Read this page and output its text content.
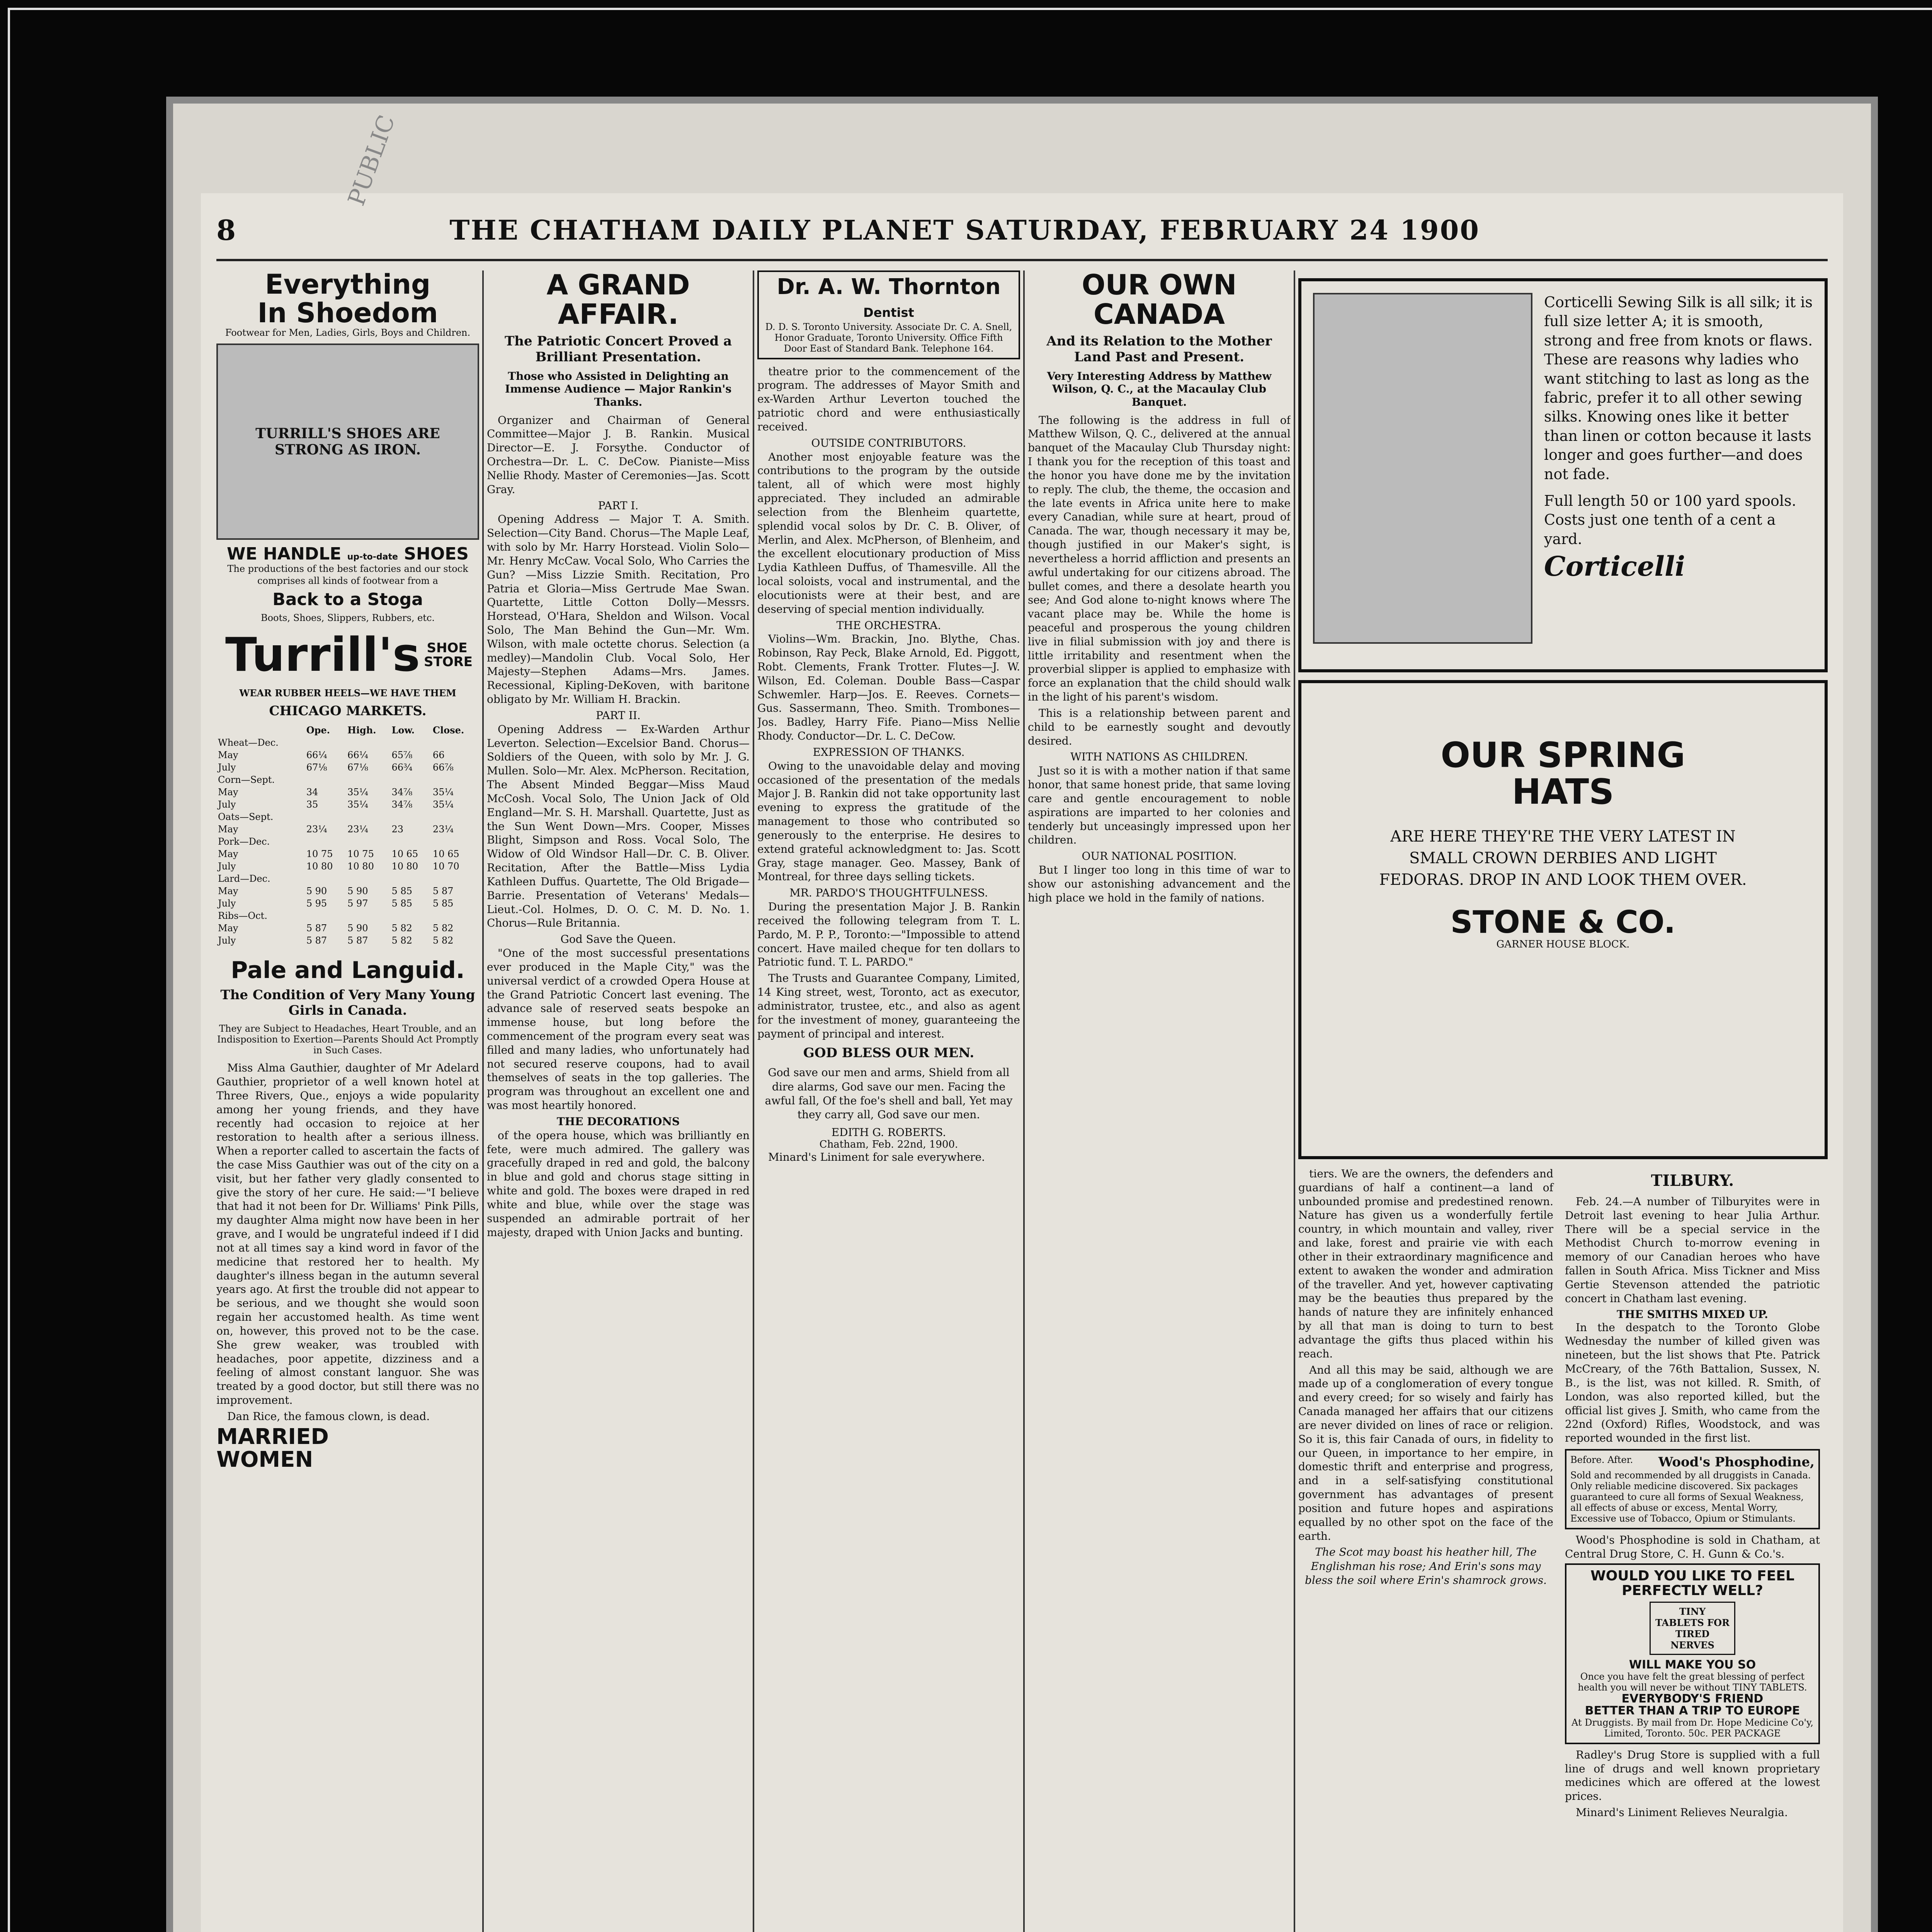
PUBLIC
8	THE CHATHAM DAILY PLANET SATURDAY, FEBRUARY 24 1900
Everything
In Shoedom
Footwear for Men, Ladies, Girls, Boys and Children.
TURRILL'S SHOES ARE STRONG AS IRON.
WE HANDLE up-to-date SHOES
The productions of the best factories and our stock comprises all kinds of footwear from a
Back to a Stoga
Boots, Shoes, Slippers, Rubbers, etc.
Turrill's SHOE STORE
WEAR RUBBER HEELS—WE HAVE THEM
CHICAGO MARKETS.
	Ope.	High.	Low.	Close.
Wheat—Dec.				
May	66¼	66¼	65⅞	66
July	67⅛	67⅛	66¾	66⅞
Corn—Sept.				
May	34	35¼	34⅞	35¼
July	35	35¼	34⅞	35¼
Oats—Sept.				
May	23¼	23¼	23	23¼
Pork—Dec.				
May	10 75	10 75	10 65	10 65
July	10 80	10 80	10 80	10 70
Lard—Dec.				
May	5 90	5 90	5 85	5 87
July	5 95	5 97	5 85	5 85
Ribs—Oct.				
May	5 87	5 90	5 82	5 82
July	5 87	5 87	5 82	5 82
Pale and Languid.
The Condition of Very Many Young Girls in Canada.
They are Subject to Headaches, Heart Trouble, and an Indisposition to Exertion—Parents Should Act Promptly in Such Cases.

Miss Alma Gauthier, daughter of Mr Adelard Gauthier, proprietor of a well known hotel at Three Rivers, Que., enjoys a wide popularity among her young friends, and they have recently had occasion to rejoice at her restoration to health after a serious illness. When a reporter called to ascertain the facts of the case Miss Gauthier was out of the city on a visit, but her father very gladly consented to give the story of her cure. He said:—"I believe that had it not been for Dr. Williams' Pink Pills, my daughter Alma might now have been in her grave, and I would be ungrateful indeed if I did not at all times say a kind word in favor of the medicine that restored her to health. My daughter's illness began in the autumn several years ago. At first the trouble did not appear to be serious, and we thought she would soon regain her accustomed health. As time went on, however, this proved not to be the case. She grew weaker, was troubled with headaches, poor appetite, dizziness and a feeling of almost constant languor. She was treated by a good doctor, but still there was no improvement.

Dan Rice, the famous clown, is dead.

MARRIED
WOMEN
A GRAND AFFAIR.
The Patriotic Concert Proved a Brilliant Presentation.
Those who Assisted in Delighting an Immense Audience — Major Rankin's Thanks.

Organizer and Chairman of General Committee—Major J. B. Rankin. Musical Director—E. J. Forsythe. Conductor of Orchestra—Dr. L. C. DeCow. Pianiste—Miss Nellie Rhody. Master of Ceremonies—Jas. Scott Gray.

PART I.

Opening Address — Major T. A. Smith. Selection—City Band. Chorus—The Maple Leaf, with solo by Mr. Harry Horstead. Violin Solo—Mr. Henry McCaw. Vocal Solo, Who Carries the Gun? —Miss Lizzie Smith. Recitation, Pro Patria et Gloria—Miss Gertrude Mae Swan. Quartette, Little Cotton Dolly—Messrs. Horstead, O'Hara, Sheldon and Wilson. Vocal Solo, The Man Behind the Gun—Mr. Wm. Wilson, with male octette chorus. Selection (a medley)—Mandolin Club. Vocal Solo, Her Majesty—Stephen Adams—Mrs. James. Recessional, Kipling-DeKoven, with baritone obligato by Mr. William H. Brackin.

PART II.

Opening Address — Ex-Warden Arthur Leverton. Selection—Excelsior Band. Chorus—Soldiers of the Queen, with solo by Mr. J. G. Mullen. Solo—Mr. Alex. McPherson. Recitation, The Absent Minded Beggar—Miss Maud McCosh. Vocal Solo, The Union Jack of Old England—Mr. S. H. Marshall. Quartette, Just as the Sun Went Down—Mrs. Cooper, Misses Blight, Simpson and Ross. Vocal Solo, The Widow of Old Windsor Hall—Dr. C. B. Oliver. Recitation, After the Battle—Miss Lydia Kathleen Duffus. Quartette, The Old Brigade—Barrie. Presentation of Veterans' Medals—Lieut.-Col. Holmes, D. O. C. M. D. No. 1. Chorus—Rule Britannia.

God Save the Queen.

"One of the most successful presentations ever produced in the Maple City," was the universal verdict of a crowded Opera House at the Grand Patriotic Concert last evening. The advance sale of reserved seats bespoke an immense house, but long before the commencement of the program every seat was filled and many ladies, who unfortunately had not secured reserve coupons, had to avail themselves of seats in the top galleries. The program was throughout an excellent one and was most heartily honored.

THE DECORATIONS

of the opera house, which was brilliantly en fete, were much admired. The gallery was gracefully draped in red and gold, the balcony in blue and gold and chorus stage sitting in white and gold. The boxes were draped in red white and blue, while over the stage was suspended an admirable portrait of her majesty, draped with Union Jacks and bunting.

Dr. A. W. Thornton Dentist
D. D. S. Toronto University. Associate Dr. C. A. Snell, Honor Graduate, Toronto University. Office Fifth Door East of Standard Bank. Telephone 164.

theatre prior to the commencement of the program. The addresses of Mayor Smith and ex-Warden Arthur Leverton touched the patriotic chord and were enthusiastically received.

OUTSIDE CONTRIBUTORS.

Another most enjoyable feature was the contributions to the program by the outside talent, all of which were most highly appreciated. They included an admirable selection from the Blenheim quartette, splendid vocal solos by Dr. C. B. Oliver, of Merlin, and Alex. McPherson, of Blenheim, and the excellent elocutionary production of Miss Lydia Kathleen Duffus, of Thamesville. All the local soloists, vocal and instrumental, and the elocutionists were at their best, and are deserving of special mention individually.

THE ORCHESTRA.

Violins—Wm. Brackin, Jno. Blythe, Chas. Robinson, Ray Peck, Blake Arnold, Ed. Piggott, Robt. Clements, Frank Trotter. Flutes—J. W. Wilson, Ed. Coleman. Double Bass—Caspar Schwemler. Harp—Jos. E. Reeves. Cornets—Gus. Sassermann, Theo. Smith. Trombones—Jos. Badley, Harry Fife. Piano—Miss Nellie Rhody. Conductor—Dr. L. C. DeCow.

EXPRESSION OF THANKS.

Owing to the unavoidable delay and moving occasioned of the presentation of the medals Major J. B. Rankin did not take opportunity last evening to express the gratitude of the management to those who contributed so generously to the enterprise. He desires to extend grateful acknowledgment to: Jas. Scott Gray, stage manager. Geo. Massey, Bank of Montreal, for three days selling tickets.

MR. PARDO'S THOUGHTFULNESS.

During the presentation Major J. B. Rankin received the following telegram from T. L. Pardo, M. P. P., Toronto:—"Impossible to attend concert. Have mailed cheque for ten dollars to Patriotic fund. T. L. PARDO."

The Trusts and Guarantee Company, Limited, 14 King street, west, Toronto, act as executor, administrator, trustee, etc., and also as agent for the investment of money, guaranteeing the payment of principal and interest.

GOD BLESS OUR MEN.
God save our men and arms, Shield from all dire alarms, God save our men. Facing the awful fall, Of the foe's shell and ball, Yet may they carry all, God save our men.
EDITH G. ROBERTS.
Chatham, Feb. 22nd, 1900.

Minard's Liniment for sale everywhere.

OUR OWN CANADA
And its Relation to the Mother Land Past and Present.
Very Interesting Address by Matthew Wilson, Q. C., at the Macaulay Club Banquet.

The following is the address in full of Matthew Wilson, Q. C., delivered at the annual banquet of the Macaulay Club Thursday night: I thank you for the reception of this toast and the honor you have done me by the invitation to reply. The club, the theme, the occasion and the late events in Africa unite here to make every Canadian, while sure at heart, proud of Canada. The war, though necessary it may be, though justified in our Maker's sight, is nevertheless a horrid affliction and presents an awful undertaking for our citizens abroad. The bullet comes, and there a desolate hearth you see; And God alone to-night knows where The vacant place may be. While the home is peaceful and prosperous the young children live in filial submission with joy and there is little irritability and resentment when the proverbial slipper is applied to emphasize with force an explanation that the child should walk in the light of his parent's wisdom.

This is a relationship between parent and child to be earnestly sought and devoutly desired.

WITH NATIONS AS CHILDREN.

Just so it is with a mother nation if that same honor, that same honest pride, that same loving care and gentle encouragement to noble aspirations are imparted to her colonies and tenderly but unceasingly impressed upon her children.

OUR NATIONAL POSITION.

But I linger too long in this time of war to show our astonishing advancement and the high place we hold in the family of nations.

Corticelli Sewing Silk is all silk; it is full size letter A; it is smooth, strong and free from knots or flaws. These are reasons why ladies who want stitching to last as long as the fabric, prefer it to all other sewing silks. Knowing ones like it better than linen or cotton because it lasts longer and goes further—and does not fade.
Full length 50 or 100 yard spools.
Costs just one tenth of a cent a yard.
Corticelli
OUR SPRING
HATS
ARE HERE THEY'RE THE VERY LATEST IN SMALL CROWN DERBIES AND LIGHT FEDORAS. DROP IN AND LOOK THEM OVER.
STONE & CO.
GARNER HOUSE BLOCK.

tiers. We are the owners, the defenders and guardians of half a continent—a land of unbounded promise and predestined renown. Nature has given us a wonderfully fertile country, in which mountain and valley, river and lake, forest and prairie vie with each other in their extraordinary magnificence and extent to awaken the wonder and admiration of the traveller. And yet, however captivating may be the beauties thus prepared by the hands of nature they are infinitely enhanced by all that man is doing to turn to best advantage the gifts thus placed within his reach.

And all this may be said, although we are made up of a conglomeration of every tongue and every creed; for so wisely and fairly has Canada managed her affairs that our citizens are never divided on lines of race or religion. So it is, this fair Canada of ours, in fidelity to our Queen, in importance to her empire, in domestic thrift and enterprise and progress, and in a self-satisfying constitutional government has advantages of present position and future hopes and aspirations equalled by no other spot on the face of the earth.

The Scot may boast his heather hill, The Englishman his rose; And Erin's sons may bless the soil where Erin's shamrock grows.
TILBURY.

Feb. 24.—A number of Tilburyites were in Detroit last evening to hear Julia Arthur. There will be a special service in the Methodist Church to-morrow evening in memory of our Canadian heroes who have fallen in South Africa. Miss Tickner and Miss Gertie Stevenson attended the patriotic concert in Chatham last evening.

THE SMITHS MIXED UP.

In the despatch to the Toronto Globe Wednesday the number of killed given was nineteen, but the list shows that Pte. Patrick McCreary, of the 76th Battalion, Sussex, N. B., is the list, was not killed. R. Smith, of London, was also reported killed, but the official list gives J. Smith, who came from the 22nd (Oxford) Rifles, Woodstock, and was reported wounded in the first list.

Before. After. Wood's Phosphodine,
Sold and recommended by all druggists in Canada. Only reliable medicine discovered. Six packages guaranteed to cure all forms of Sexual Weakness, all effects of abuse or excess, Mental Worry, Excessive use of Tobacco, Opium or Stimulants.

Wood's Phosphodine is sold in Chatham, at Central Drug Store, C. H. Gunn & Co.'s.

WOULD YOU LIKE TO FEEL PERFECTLY WELL?
TINY TABLETS FOR TIRED NERVES
WILL MAKE YOU SO
Once you have felt the great blessing of perfect health you will never be without TINY TABLETS.
EVERYBODY'S FRIEND
BETTER THAN A TRIP TO EUROPE
At Druggists. By mail from Dr. Hope Medicine Co'y, Limited, Toronto. 50c. PER PACKAGE

Radley's Drug Store is supplied with a full line of drugs and well known proprietary medicines which are offered at the lowest prices.

Minard's Liniment Relieves Neuralgia.
